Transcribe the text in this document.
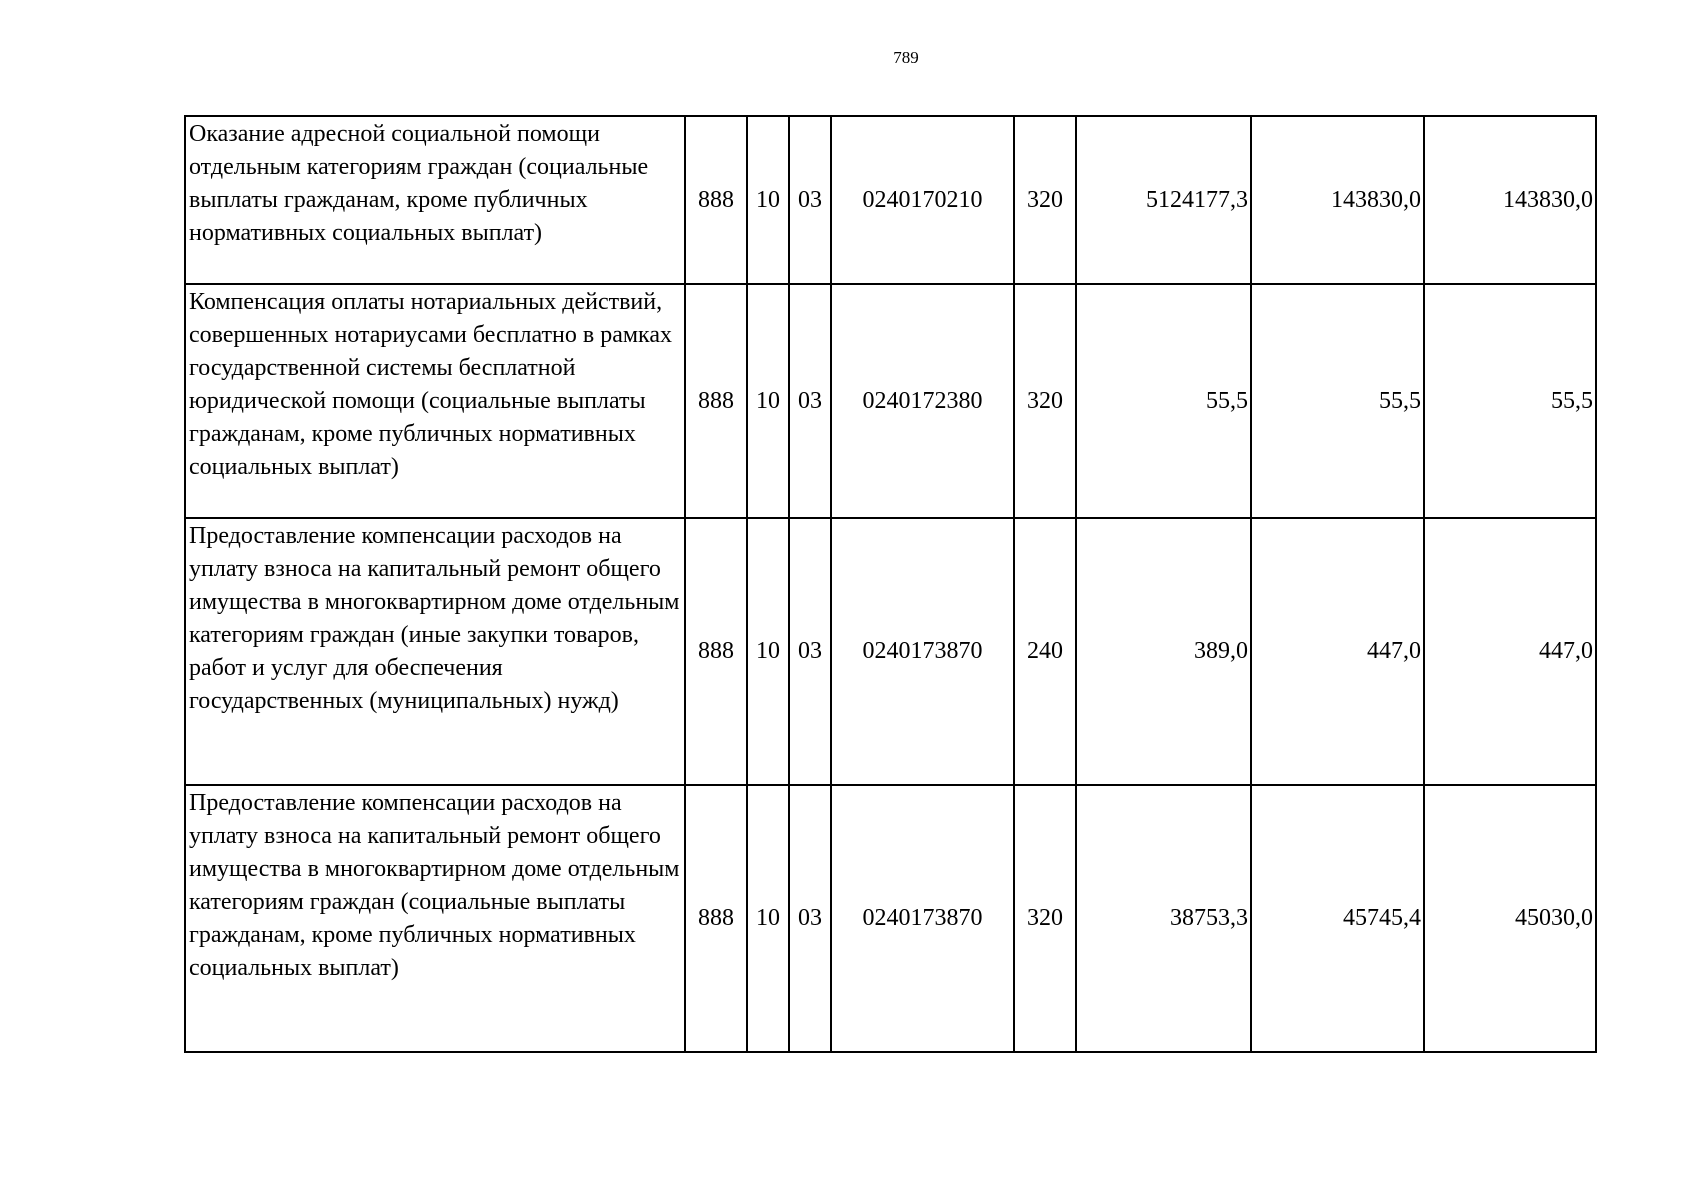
789
Оказание адресной социальной помощи отдельным категориям граждан (социальные выплаты гражданам, кроме публичных нормативных социальных выплат)	888	10	03	0240170210	320	5124177,3	143830,0	143830,0

Компенсация оплаты нотариальных действий, совершенных нотариусами бесплатно в рамках государственной системы бесплатной юридической помощи (социальные выплаты гражданам, кроме публичных нормативных социальных выплат)	888	10	03	0240172380	320	55,5	55,5	55,5

Предоставление компенсации расходов на уплату взноса на капитальный ремонт общего имущества в многоквартирном доме отдельным категориям граждан (иные закупки товаров, работ и услуг для обеспечения государственных (муниципальных) нужд)	888	10	03	0240173870	240	389,0	447,0	447,0

Предоставление компенсации расходов на уплату взноса на капитальный ремонт общего имущества в многоквартирном доме отдельным категориям граждан (социальные выплаты гражданам, кроме публичных нормативных социальных выплат)	888	10	03	0240173870	320	38753,3	45745,4	45030,0
